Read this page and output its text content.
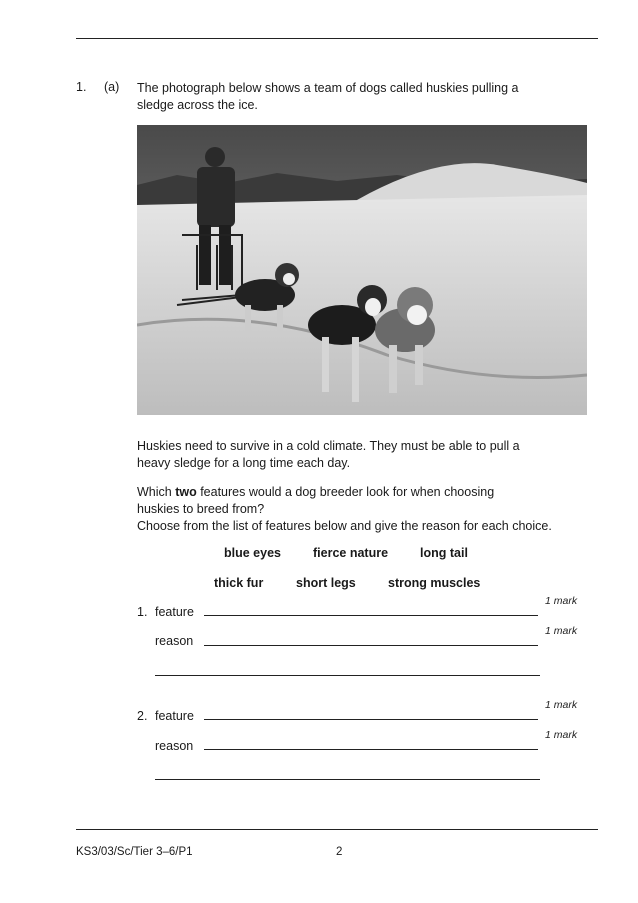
1. (a) The photograph below shows a team of dogs called huskies pulling a
sledge across the ice.
Huskies need to survive in a cold climate. They must be able to pull a
heavy sledge for a long time each day.
Which two features would a dog breeder look for when choosing
huskies to breed from?
Choose from the list of features below and give the reason for each choice.
blue eyes	fierce nature	long tail
thick fur	short legs	strong muscles
1 mark
1. feature
1 mark
reason
1 mark
2. feature
1 mark
reason
KS3/03/Sc/Tier 3–6/P1	2
